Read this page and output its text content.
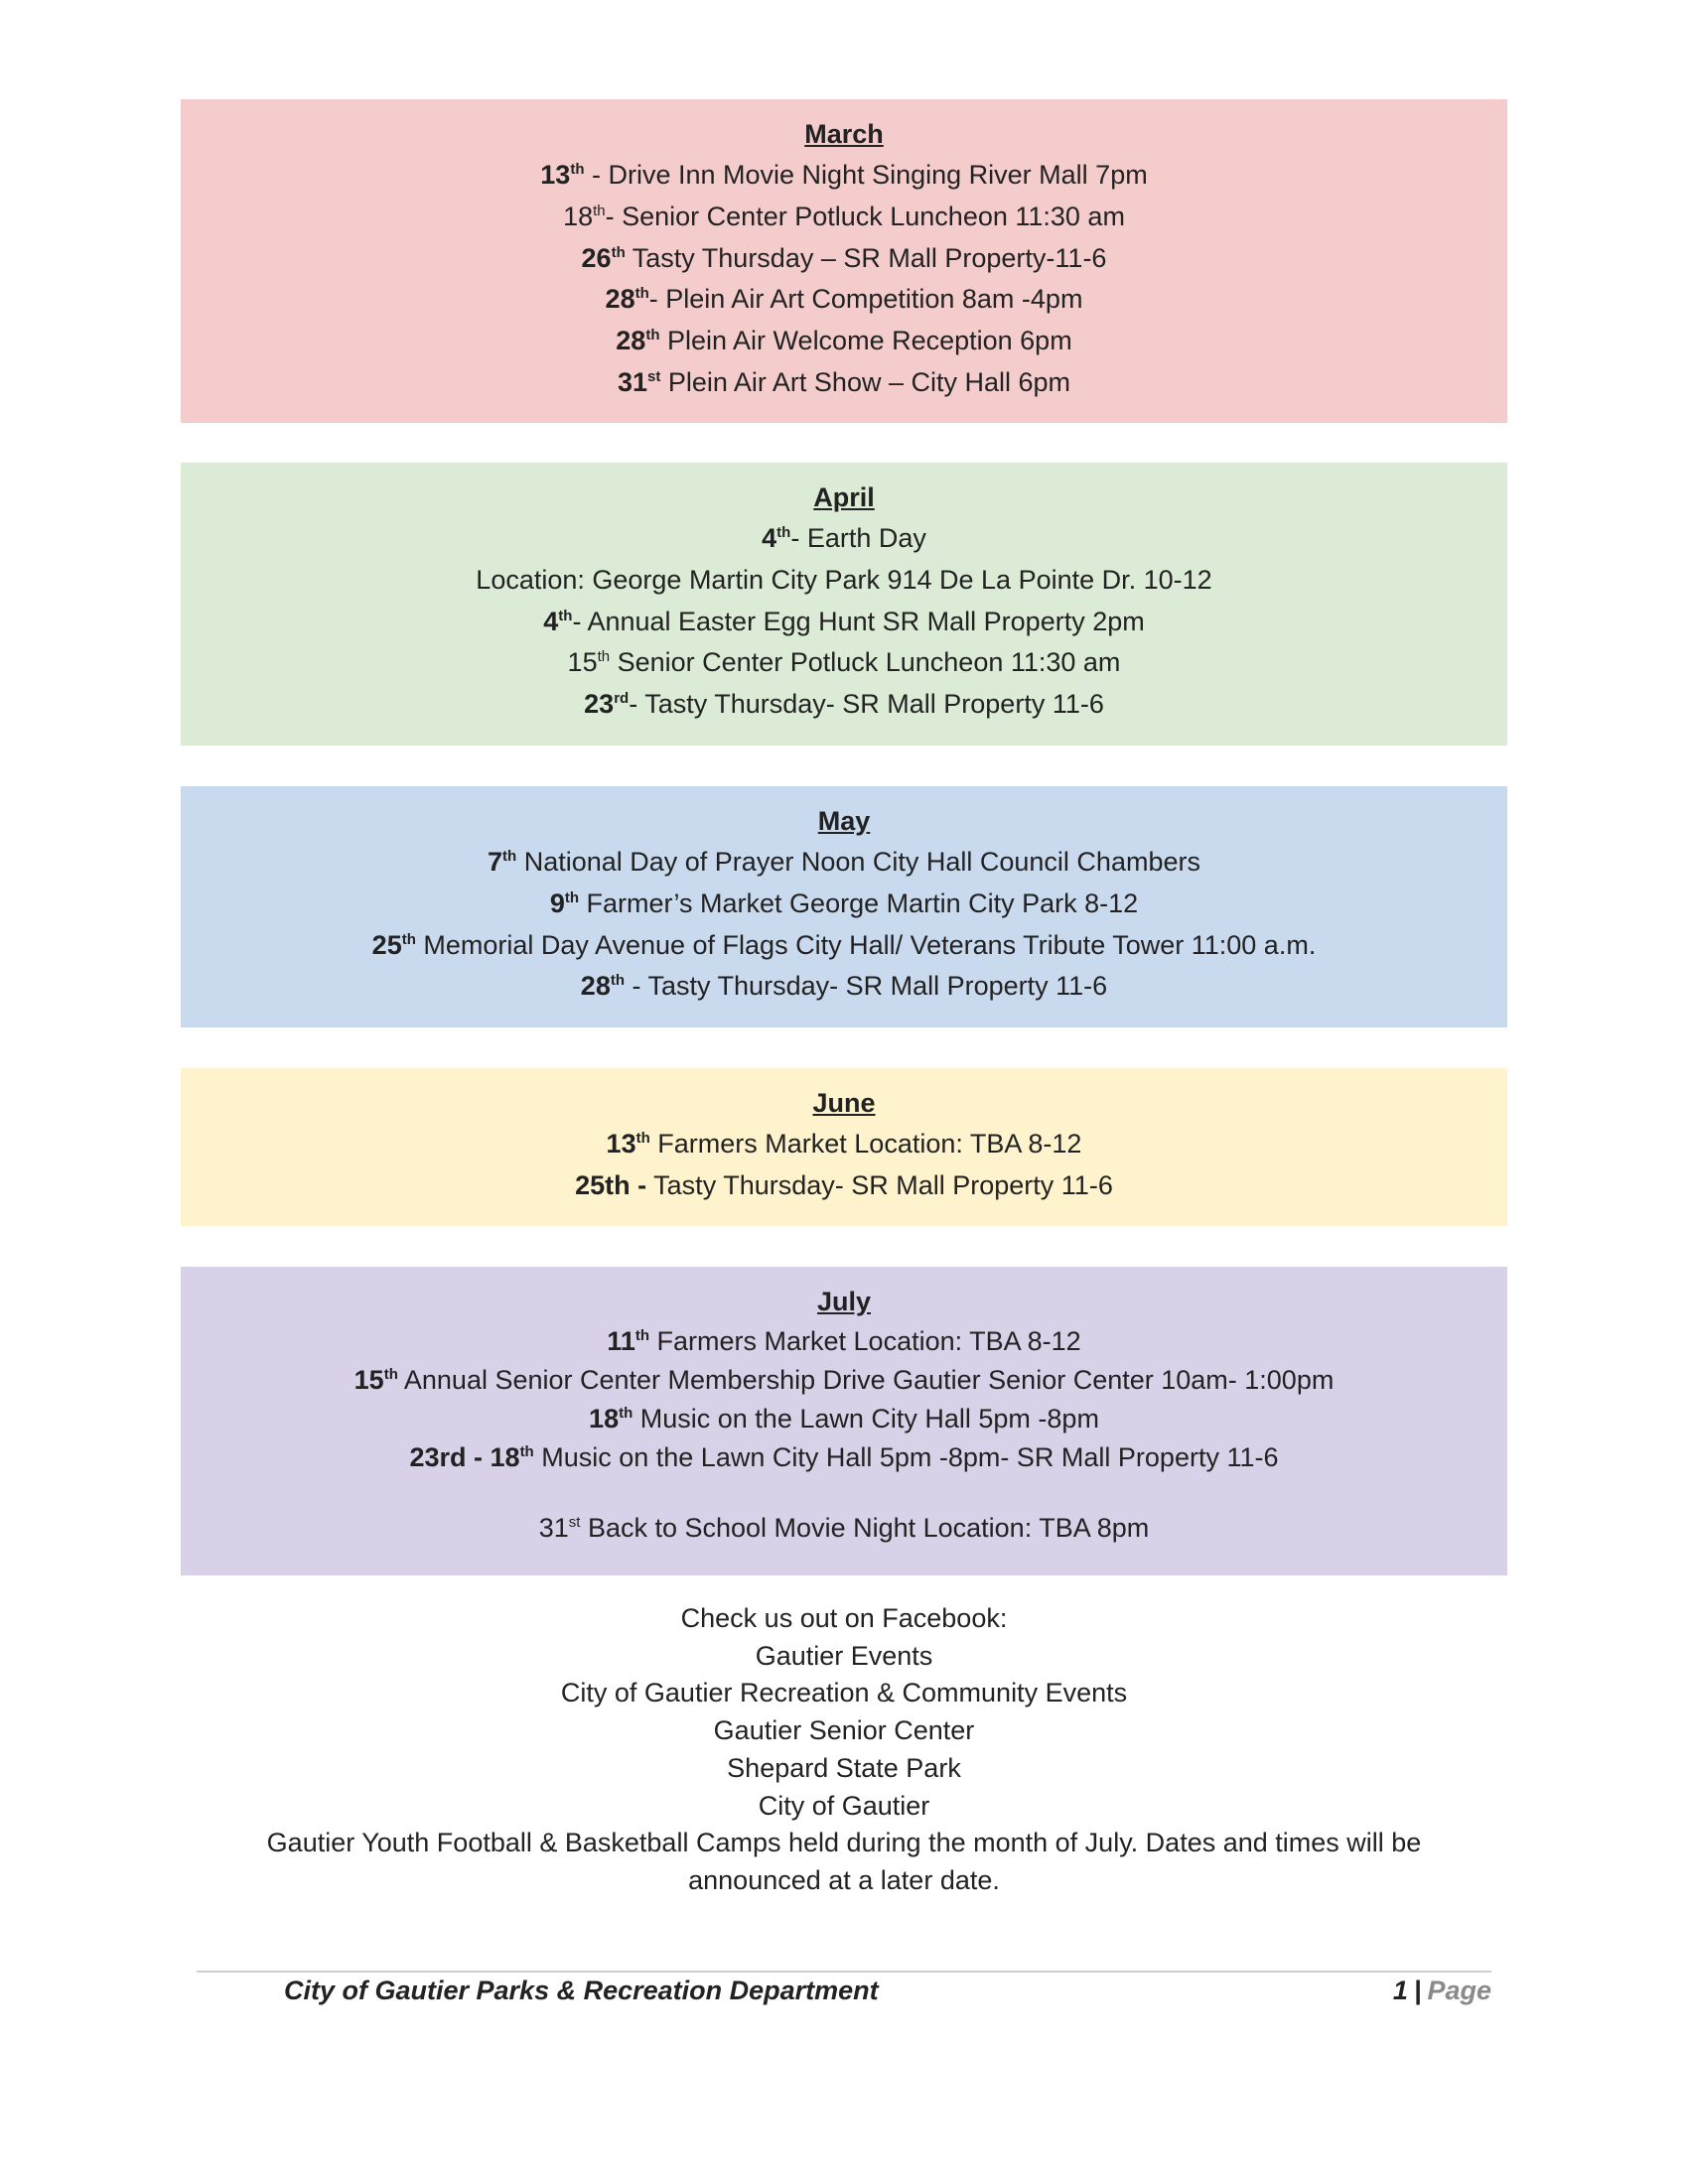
March
13th - Drive Inn Movie Night Singing River Mall 7pm
18th- Senior Center Potluck Luncheon 11:30 am
26th Tasty Thursday – SR Mall Property-11-6
28th- Plein Air Art Competition 8am -4pm
28th Plein Air Welcome Reception 6pm
31st Plein Air Art Show – City Hall 6pm
April
4th- Earth Day
Location: George Martin City Park 914 De La Pointe Dr. 10-12
4th- Annual Easter Egg Hunt SR Mall Property 2pm
15th Senior Center Potluck Luncheon 11:30 am
23rd- Tasty Thursday- SR Mall Property 11-6
May
7th National Day of Prayer Noon City Hall Council Chambers
9th Farmer’s Market George Martin City Park 8-12
25th Memorial Day Avenue of Flags City Hall/ Veterans Tribute Tower 11:00 a.m.
28th - Tasty Thursday- SR Mall Property 11-6
June
13th Farmers Market Location: TBA 8-12
25th - Tasty Thursday- SR Mall Property 11-6
July
11th Farmers Market Location: TBA 8-12
15th Annual Senior Center Membership Drive Gautier Senior Center 10am- 1:00pm
18th Music on the Lawn City Hall 5pm -8pm
23rd - 18th Music on the Lawn City Hall 5pm -8pm- SR Mall Property 11-6
31st Back to School Movie Night Location: TBA 8pm
Check us out on Facebook:
Gautier Events
City of Gautier Recreation & Community Events
Gautier Senior Center
Shepard State Park
City of Gautier
Gautier Youth Football & Basketball Camps held during the month of July. Dates and times will be announced at a later date.
City of Gautier Parks & Recreation Department	1 | Page
